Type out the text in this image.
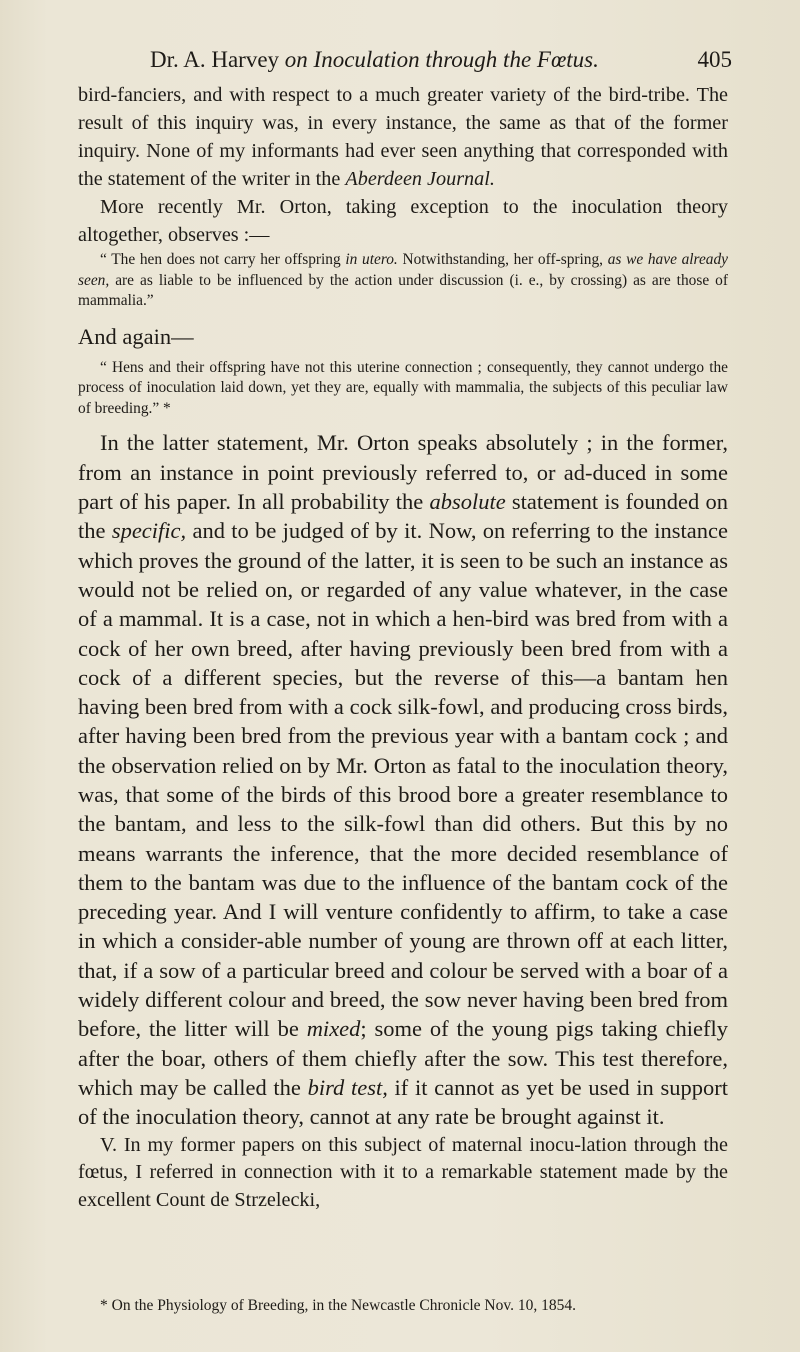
Dr. A. Harvey on Inoculation through the Fœtus.	405

bird-fanciers, and with respect to a much greater variety of the bird-tribe. The result of this inquiry was, in every instance, the same as that of the former inquiry. None of my informants had ever seen anything that corresponded with the statement of the writer in the Aberdeen Journal.

More recently Mr. Orton, taking exception to the inoculation theory altogether, observes :—

“ The hen does not carry her offspring in utero. Notwithstanding, her off-spring, as we have already seen, are as liable to be influenced by the action under discussion (i. e., by crossing) as are those of mammalia.”

And again—

“ Hens and their offspring have not this uterine connection ; consequently, they cannot undergo the process of inoculation laid down, yet they are, equally with mammalia, the subjects of this peculiar law of breeding.” *

In the latter statement, Mr. Orton speaks absolutely ; in the former, from an instance in point previously referred to, or ad-duced in some part of his paper. In all probability the absolute statement is founded on the specific, and to be judged of by it. Now, on referring to the instance which proves the ground of the latter, it is seen to be such an instance as would not be relied on, or regarded of any value whatever, in the case of a mammal. It is a case, not in which a hen-bird was bred from with a cock of her own breed, after having previously been bred from with a cock of a different species, but the reverse of this—a bantam hen having been bred from with a cock silk-fowl, and producing cross birds, after having been bred from the previous year with a bantam cock ; and the observation relied on by Mr. Orton as fatal to the inoculation theory, was, that some of the birds of this brood bore a greater resemblance to the bantam, and less to the silk-fowl than did others. But this by no means warrants the inference, that the more decided resemblance of them to the bantam was due to the influence of the bantam cock of the preceding year. And I will venture confidently to affirm, to take a case in which a consider-able number of young are thrown off at each litter, that, if a sow of a particular breed and colour be served with a boar of a widely different colour and breed, the sow never having been bred from before, the litter will be mixed; some of the young pigs taking chiefly after the boar, others of them chiefly after the sow. This test therefore, which may be called the bird test, if it cannot as yet be used in support of the inoculation theory, cannot at any rate be brought against it.

V. In my former papers on this subject of maternal inocu-lation through the fœtus, I referred in connection with it to a remarkable statement made by the excellent Count de Strzelecki,

* On the Physiology of Breeding, in the Newcastle Chronicle Nov. 10, 1854.
